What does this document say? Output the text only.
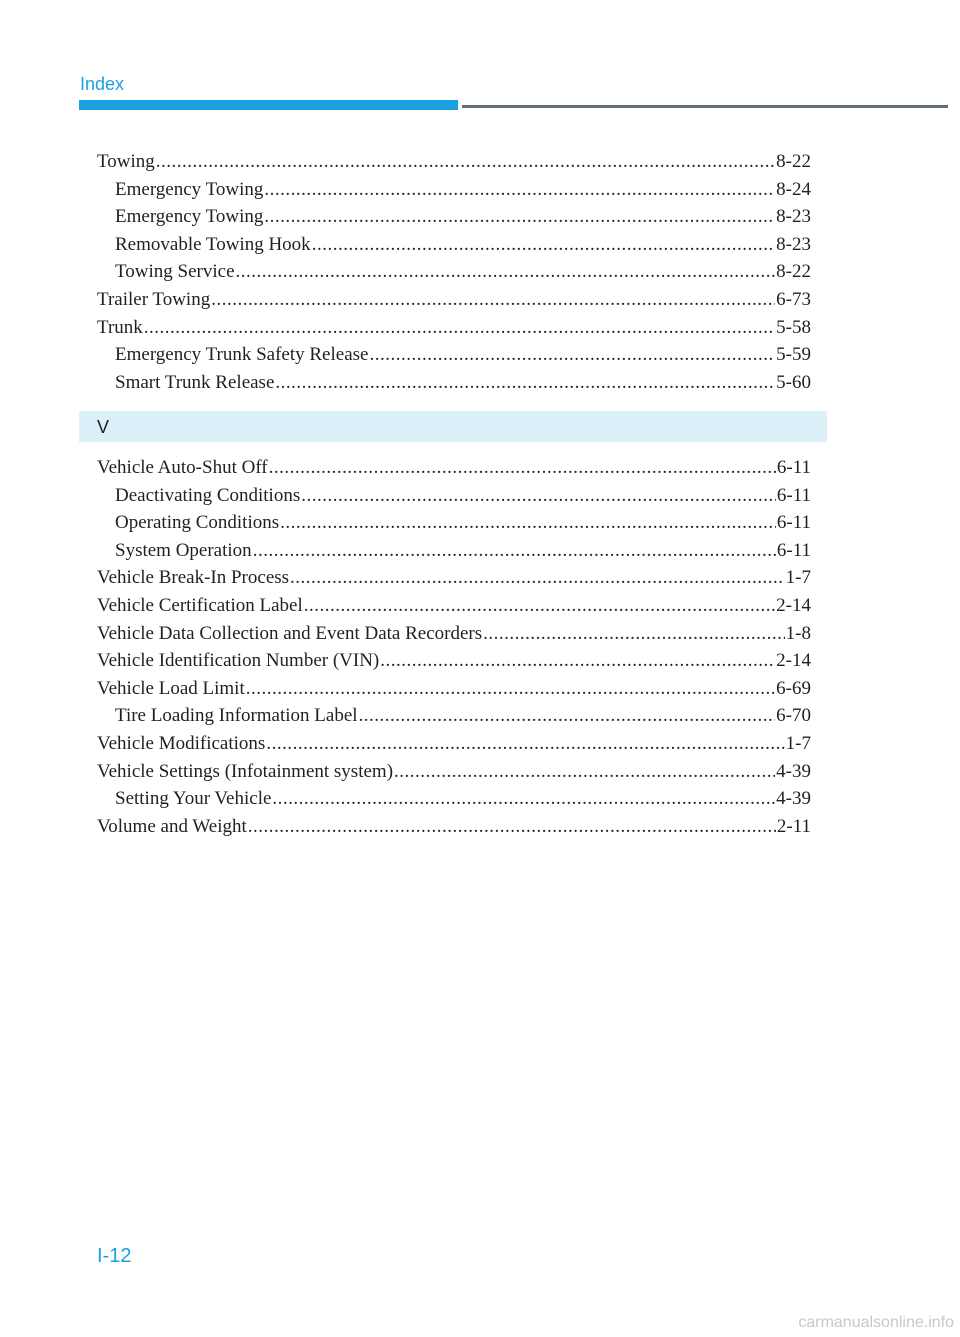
Index
Towing .....	8-22
Emergency Towing .....	8-24
Emergency Towing .....	8-23
Removable Towing Hook .....	8-23
Towing Service .....	8-22
Trailer Towing .....	6-73
Trunk .....	5-58
Emergency Trunk Safety Release .....	5-59
Smart Trunk Release .....	5-60
V
Vehicle Auto-Shut Off .....	6-11
Deactivating Conditions .....	6-11
Operating Conditions .....	6-11
System Operation .....	6-11
Vehicle Break-In Process .....	1-7
Vehicle Certification Label .....	2-14
Vehicle Data Collection and Event Data Recorders .....	1-8
Vehicle Identification Number (VIN) .....	2-14
Vehicle Load Limit .....	6-69
Tire Loading Information Label .....	6-70
Vehicle Modifications .....	1-7
Vehicle Settings (Infotainment system) .....	4-39
Setting Your Vehicle .....	4-39
Volume and Weight .....	2-11
I-12
carmanualsonline.info
